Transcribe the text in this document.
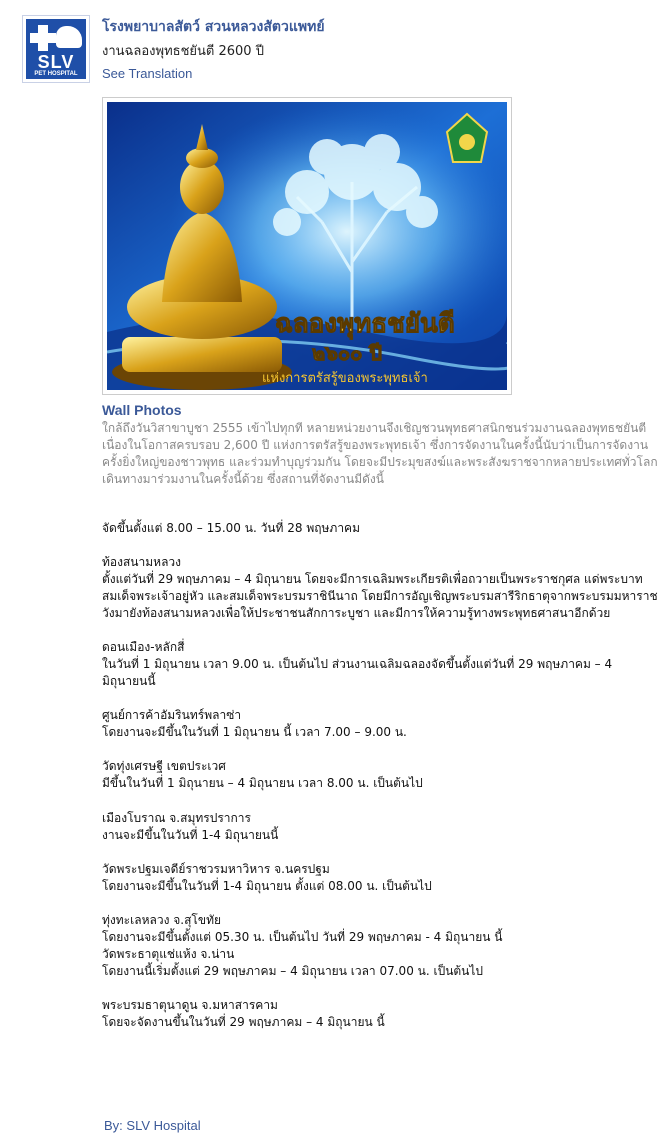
SLV
PET HOSPITAL
โรงพยาบาลสัตว์ สวนหลวงสัตวแพทย์
งานฉลองพุทธชยันตี 2600 ปี
See Translation
ฉลองพุทธชยันตี
๒๖๐๐ ปี
แห่งการตรัสรู้ของพระพุทธเจ้า
Wall Photos
ใกล้ถึงวันวิสาขาบูชา 2555 เข้าไปทุกที หลายหน่วยงานจึงเชิญชวนพุทธศาสนิกชนร่วมงานฉลองพุทธชยันตี เนื่องในโอกาสครบรอบ 2,600 ปี แห่งการตรัสรู้ของพระพุทธเจ้า ซึ่งการจัดงานในครั้งนี้นับว่าเป็นการจัดงานครั้งยิ่งใหญ่ของชาวพุทธ และร่วมทำบุญร่วมกัน โดยจะมีประมุขสงฆ์และพระสังฆราชจากหลายประเทศทั่วโลกเดินทางมาร่วมงานในครั้งนี้ด้วย ซึ่งสถานที่จัดงานมีดังนี้
จัดขึ้นตั้งแต่ 8.00 – 15.00 น. วันที่ 28 พฤษภาคม

ท้องสนามหลวง
ตั้งแต่วันที่ 29 พฤษภาคม – 4 มิถุนายน โดยจะมีการเฉลิมพระเกียรติเพื่อถวายเป็นพระราชกุศล แด่พระบาทสมเด็จพระเจ้าอยู่หัว และสมเด็จพระบรมราชินีนาถ โดยมีการอัญเชิญพระบรมสารีริกธาตุจากพระบรมมหาราชวังมายังท้องสนามหลวงเพื่อให้ประชาชนสักการะบูชา และมีการให้ความรู้ทางพระพุทธศาสนาอีกด้วย

ดอนเมือง-หลักสี่
ในวันที่ 1 มิถุนายน เวลา 9.00 น. เป็นต้นไป ส่วนงานเฉลิมฉลองจัดขึ้นตั้งแต่วันที่ 29 พฤษภาคม – 4 มิถุนายนนี้

ศูนย์การค้าอัมรินทร์พลาซ่า
โดยงานจะมีขึ้นในวันที่ 1 มิถุนายน นี้ เวลา 7.00 – 9.00 น.

วัดทุ่งเศรษฐี เขตประเวศ
มีขึ้นในวันที่ 1 มิถุนายน – 4 มิถุนายน เวลา 8.00 น. เป็นต้นไป

เมืองโบราณ จ.สมุทรปราการ
งานจะมีขึ้นในวันที่ 1-4 มิถุนายนนี้

วัดพระปฐมเจดีย์ราชวรมหาวิหาร จ.นครปฐม
โดยงานจะมีขึ้นในวันที่ 1-4 มิถุนายน ตั้งแต่ 08.00 น. เป็นต้นไป

ทุ่งทะเลหลวง จ.สุโขทัย
โดยงานจะมีขึ้นตั้งแต่ 05.30 น. เป็นต้นไป วันที่ 29 พฤษภาคม - 4 มิถุนายน นี้
วัดพระธาตุแช่แห้ง จ.น่าน
โดยงานนี้เริ่มตั้งแต่ 29 พฤษภาคม – 4 มิถุนายน เวลา 07.00 น. เป็นต้นไป

พระบรมธาตุนาดูน จ.มหาสารคาม
โดยจะจัดงานขึ้นในวันที่ 29 พฤษภาคม – 4 มิถุนายน นี้
By: SLV Hospital
